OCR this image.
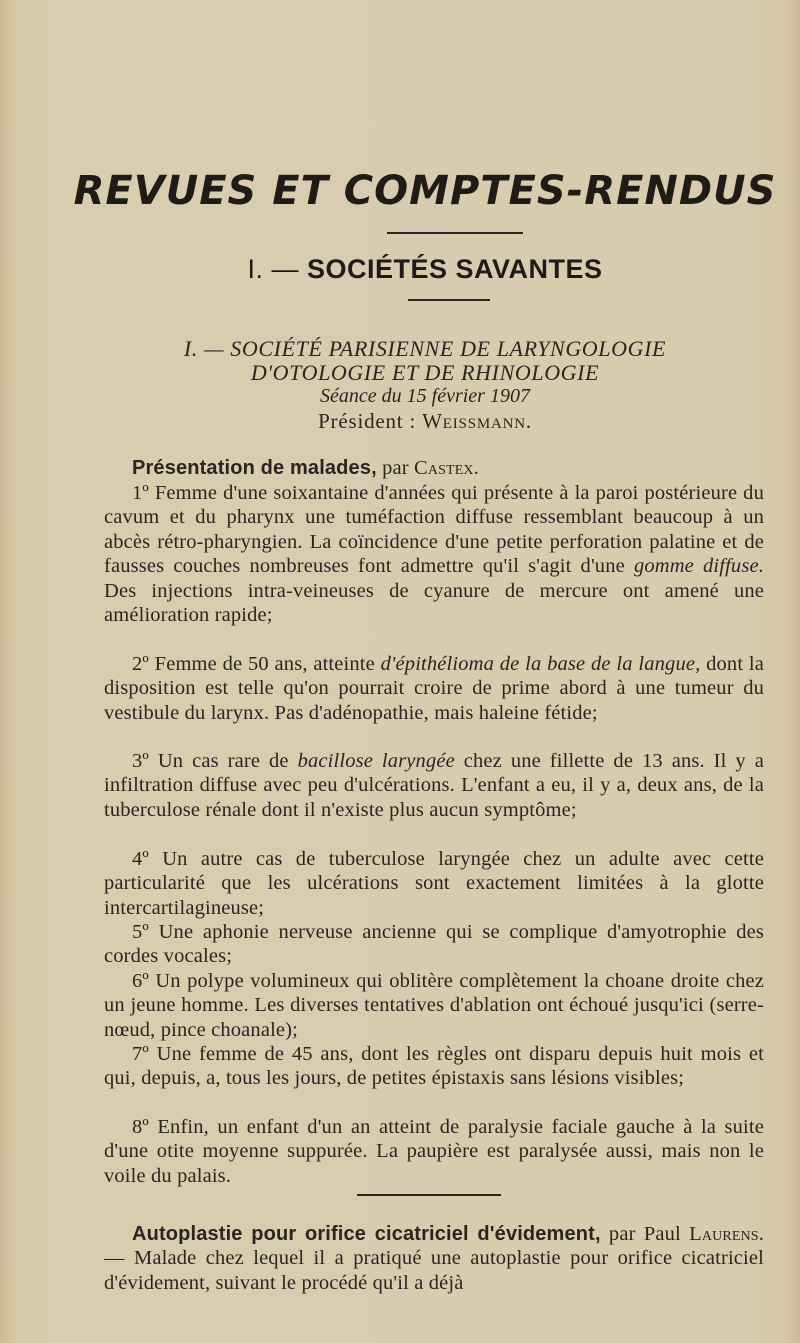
REVUES ET COMPTES-RENDUS
I. — SOCIÉTÉS SAVANTES
I. — SOCIÉTÉ PARISIENNE DE LARYNGOLOGIE
D'OTOLOGIE ET DE RHINOLOGIE
Séance du 15 février 1907
Président : Weissmann.

Présentation de malades, par Castex.

1º Femme d'une soixantaine d'années qui présente à la paroi postérieure du cavum et du pharynx une tuméfaction diffuse ressemblant beaucoup à un abcès rétro-pharyngien. La coïncidence d'une petite perforation palatine et de fausses couches nombreuses font admettre qu'il s'agit d'une gomme diffuse. Des injections intra-veineuses de cyanure de mercure ont amené une amélioration rapide;

2º Femme de 50 ans, atteinte d'épithélioma de la base de la langue, dont la disposition est telle qu'on pourrait croire de prime abord à une tumeur du vestibule du larynx. Pas d'adénopathie, mais haleine fétide;

3º Un cas rare de bacillose laryngée chez une fillette de 13 ans. Il y a infiltration diffuse avec peu d'ulcérations. L'enfant a eu, il y a, deux ans, de la tuberculose rénale dont il n'existe plus aucun symptôme;

4º Un autre cas de tuberculose laryngée chez un adulte avec cette particularité que les ulcérations sont exactement limitées à la glotte intercartilagineuse;

5º Une aphonie nerveuse ancienne qui se complique d'amyotrophie des cordes vocales;

6º Un polype volumineux qui oblitère complètement la choane droite chez un jeune homme. Les diverses tentatives d'ablation ont échoué jusqu'ici (serre-nœud, pince choanale);

7º Une femme de 45 ans, dont les règles ont disparu depuis huit mois et qui, depuis, a, tous les jours, de petites épistaxis sans lésions visibles;

8º Enfin, un enfant d'un an atteint de paralysie faciale gauche à la suite d'une otite moyenne suppurée. La paupière est paralysée aussi, mais non le voile du palais.

Autoplastie pour orifice cicatriciel d'évidement, par Paul Laurens. — Malade chez lequel il a pratiqué une autoplastie pour orifice cicatriciel d'évidement, suivant le procédé qu'il a déjà
